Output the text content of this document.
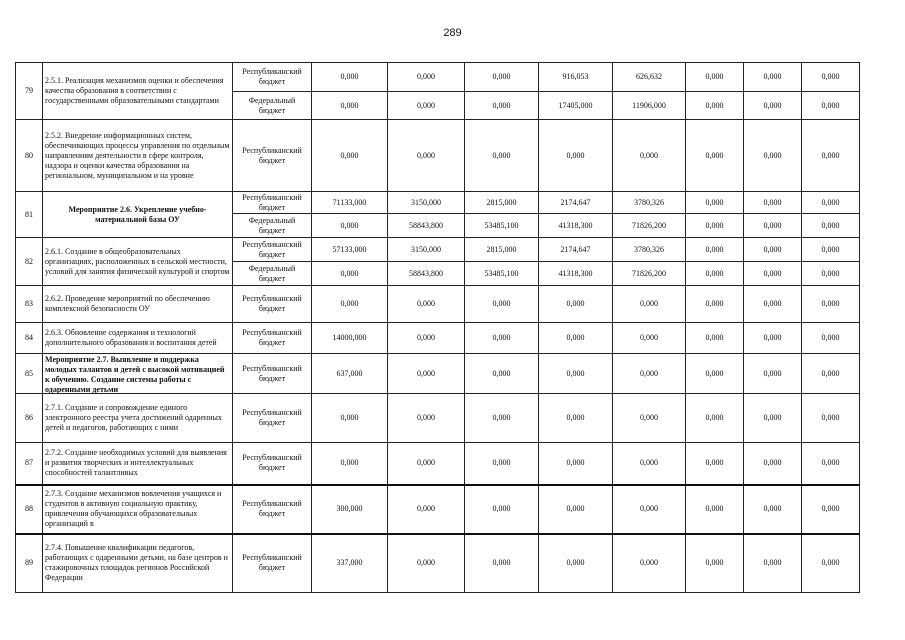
289
79	2.5.1. Реализация механизмов оценки и обеспечения качества образования в соответствии с государственными образовательными стандартами	Республиканский бюджет	0,000	0,000	0,000	916,053	626,632	0,000	0,000	0,000
		Федеральный бюджет	0,000	0,000	0,000	17405,000	11906,000	0,000	0,000	0,000
80	2.5.2. Внедрение информационных систем, обеспечивающих процессы управления по отдельным направлениям деятельности в сфере контроля, надзора и оценки качества образования на региональном, муниципальном и на уровне	Республиканский бюджет	0,000	0,000	0,000	0,000	0,000	0,000	0,000	0,000
81	Мероприятие 2.6. Укрепление учебно-материальной базы ОУ	Республиканский бюджет	71133,000	3150,000	2815,000	2174,647	3780,326	0,000	0,000	0,000
		Федеральный бюджет	0,000	58843,800	53485,100	41318,300	71826,200	0,000	0,000	0,000
82	2.6.1. Создание в общеобразовательных организациях, расположенных в сельской местности, условий для занятия физической культурой и спортом	Республиканский бюджет	57133,000	3150,000	2815,000	2174,647	3780,326	0,000	0,000	0,000
		Федеральный бюджет	0,000	58843,800	53485,100	41318,300	71826,200	0,000	0,000	0,000
83	2.6.2. Проведение мероприятий по обеспечению комплексной безопасности ОУ	Республиканский бюджет	0,000	0,000	0,000	0,000	0,000	0,000	0,000	0,000
84	2.6.3. Обновление содержания и технологий дополнительного образования и воспитания детей	Республиканский бюджет	14000,000	0,000	0,000	0,000	0,000	0,000	0,000	0,000
85	Мероприятие 2.7. Выявление и поддержка молодых талантов и детей с высокой мотивацией к обучению. Создание системы работы с одаренными детьми	Республиканский бюджет	637,000	0,000	0,000	0,000	0,000	0,000	0,000	0,000
86	2.7.1. Создание и сопровождение единого электронного реестра учета достижений одаренных детей и педагогов, работающих с ними	Республиканский бюджет	0,000	0,000	0,000	0,000	0,000	0,000	0,000	0,000
87	2.7.2. Создание необходимых условий для выявления и развития творческих и интеллектуальных способностей талантливых	Республиканский бюджет	0,000	0,000	0,000	0,000	0,000	0,000	0,000	0,000
88	2.7.3. Создание механизмов вовлечения учащихся и студентов в активную социальную практику, привлечения обучающихся образовательных организаций в	Республиканский бюджет	300,000	0,000	0,000	0,000	0,000	0,000	0,000	0,000
89	2.7.4. Повышение квалификации педагогов, работающих с одаренными детьми, на базе центров и стажировочных площадок регионов Российской Федерации	Республиканский бюджет	337,000	0,000	0,000	0,000	0,000	0,000	0,000	0,000
